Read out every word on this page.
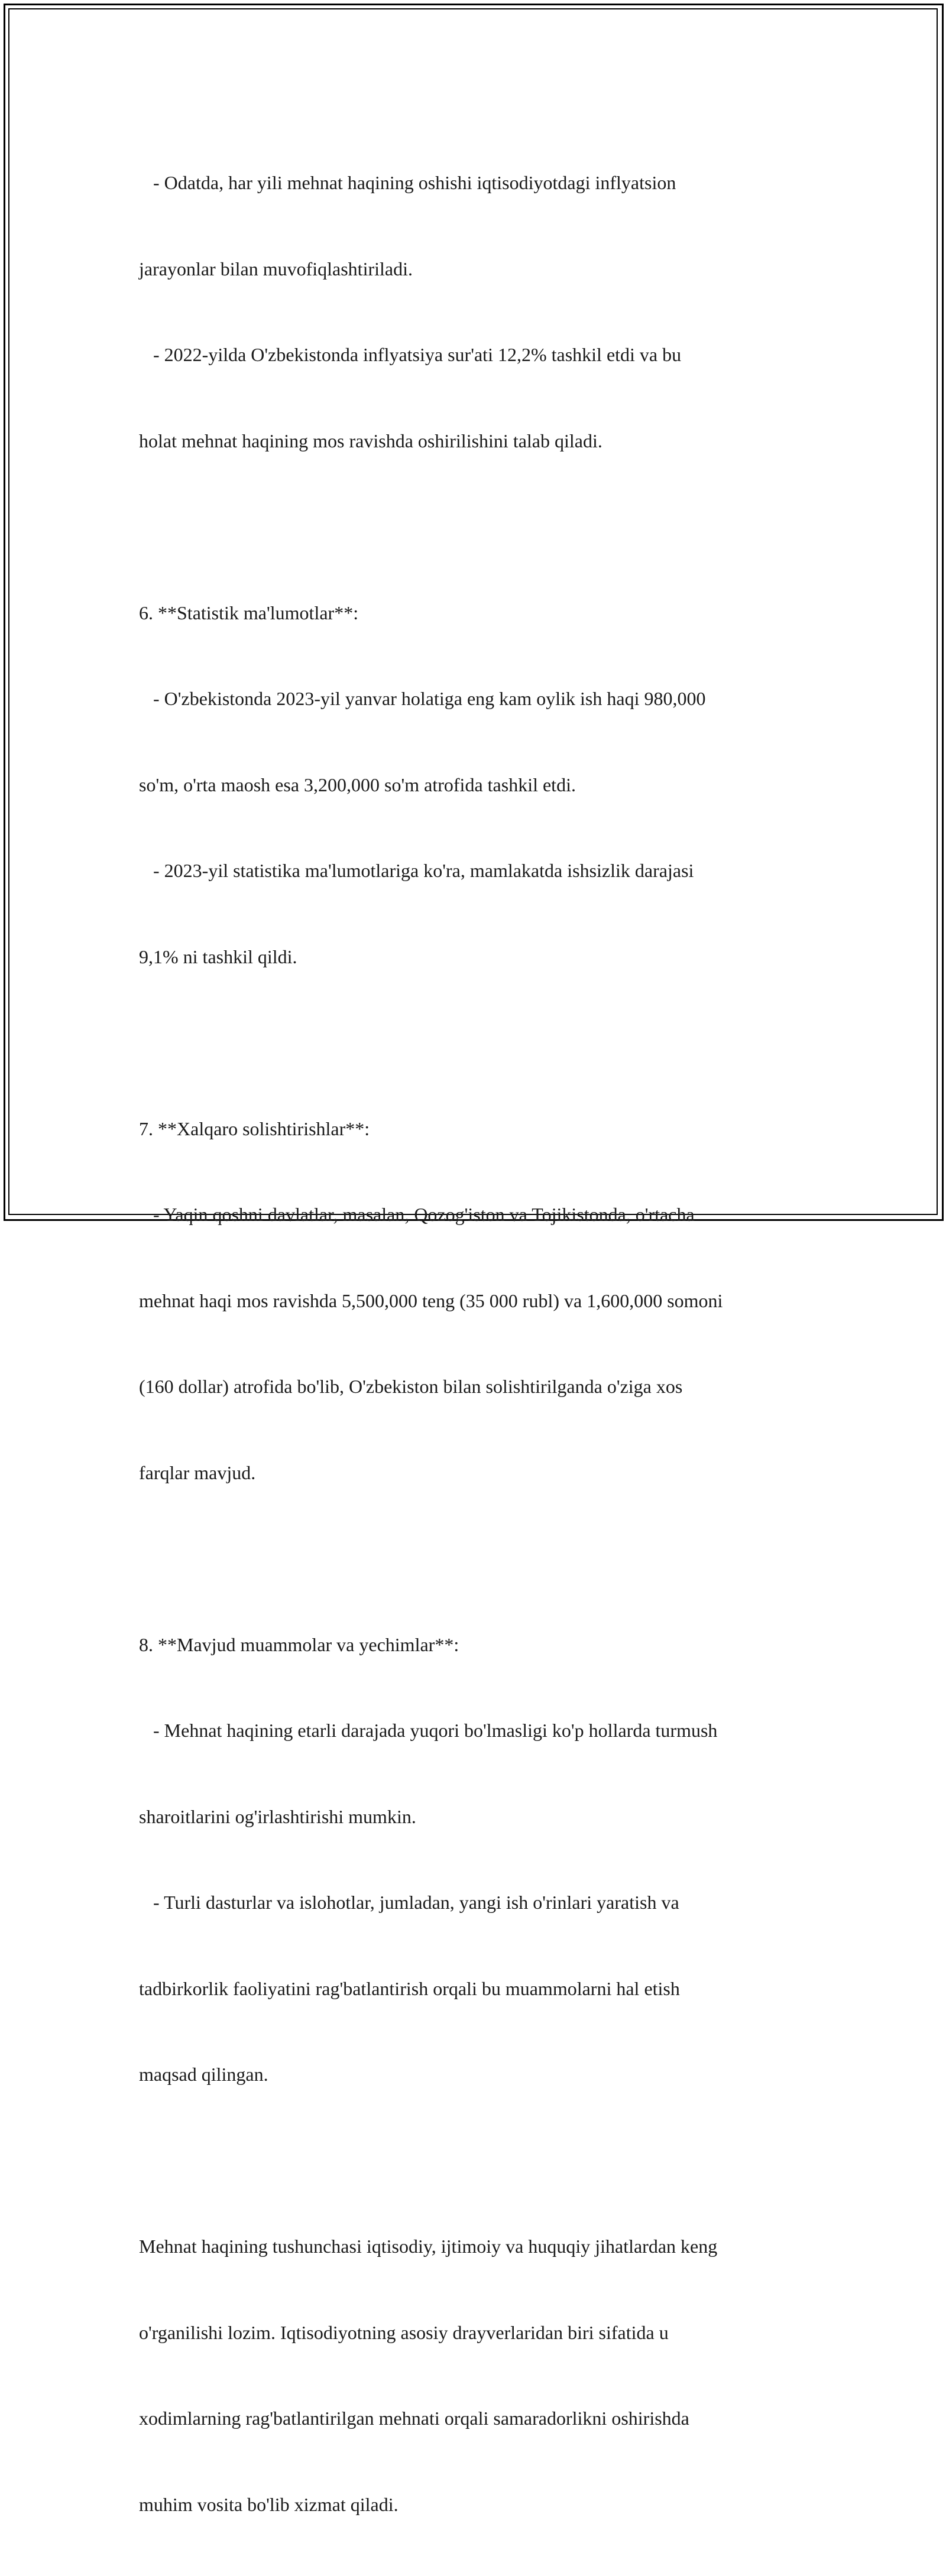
- Odatda, har yili mehnat haqining oshishi iqtisodiyotdagi inflyatsion

jarayonlar bilan muvofiqlashtiriladi.

- 2022-yilda O'zbekistonda inflyatsiya sur'ati 12,2% tashkil etdi va bu

holat mehnat haqining mos ravishda oshirilishini talab qiladi.

6. **Statistik ma'lumotlar**:

- O'zbekistonda 2023-yil yanvar holatiga eng kam oylik ish haqi 980,000

so'm, o'rta maosh esa 3,200,000 so'm atrofida tashkil etdi.

- 2023-yil statistika ma'lumotlariga ko'ra, mamlakatda ishsizlik darajasi

9,1% ni tashkil qildi.

7. **Xalqaro solishtirishlar**:

- Yaqin qoshni davlatlar, masalan, Qozog'iston va Tojikistonda, o'rtacha

mehnat haqi mos ravishda 5,500,000 teng (35 000 rubl) va 1,600,000 somoni

(160 dollar) atrofida bo'lib, O'zbekiston bilan solishtirilganda o'ziga xos

farqlar mavjud.

8. **Mavjud muammolar va yechimlar**:

- Mehnat haqining etarli darajada yuqori bo'lmasligi ko'p hollarda turmush

sharoitlarini og'irlashtirishi mumkin.

- Turli dasturlar va islohotlar, jumladan, yangi ish o'rinlari yaratish va

tadbirkorlik faoliyatini rag'batlantirish orqali bu muammolarni hal etish

maqsad qilingan.

Mehnat haqining tushunchasi iqtisodiy, ijtimoiy va huquqiy jihatlardan keng

o'rganilishi lozim. Iqtisodiyotning asosiy drayverlaridan biri sifatida u

xodimlarning rag'batlantirilgan mehnati orqali samaradorlikni oshirishda

muhim vosita bo'lib xizmat qiladi.
